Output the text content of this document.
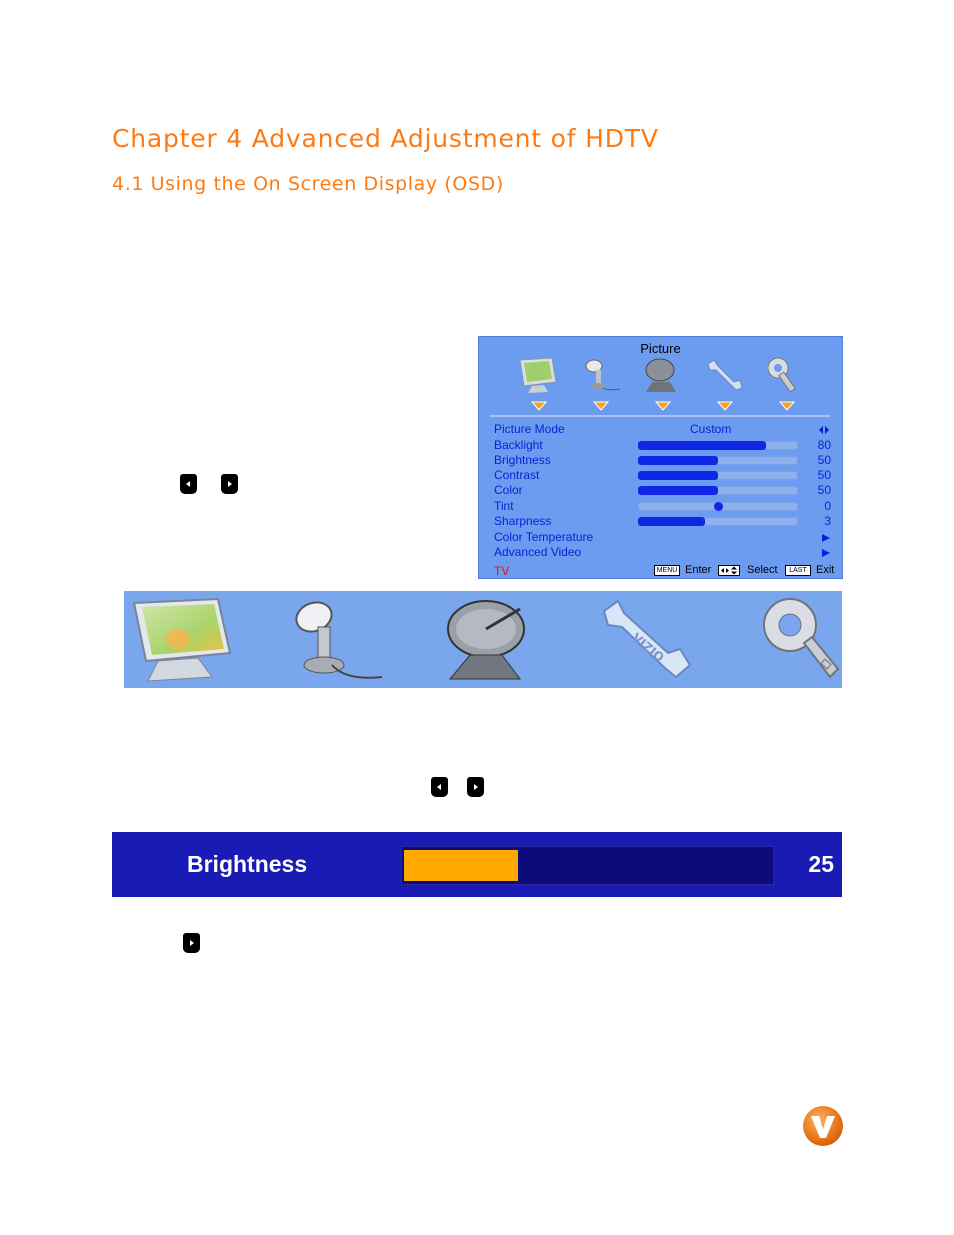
Chapter 4 Advanced Adjustment of HDTV
4.1 Using the On Screen Display (OSD)
Picture
Picture Mode	Custom
Backlight	80
Brightness	50
Contrast	50
Color	50
Tint	0
Sharpness	3
Color Temperature
Advanced Video
TV	MENU Enter	Select	LAST Exit
VIZIO
Brightness	25
